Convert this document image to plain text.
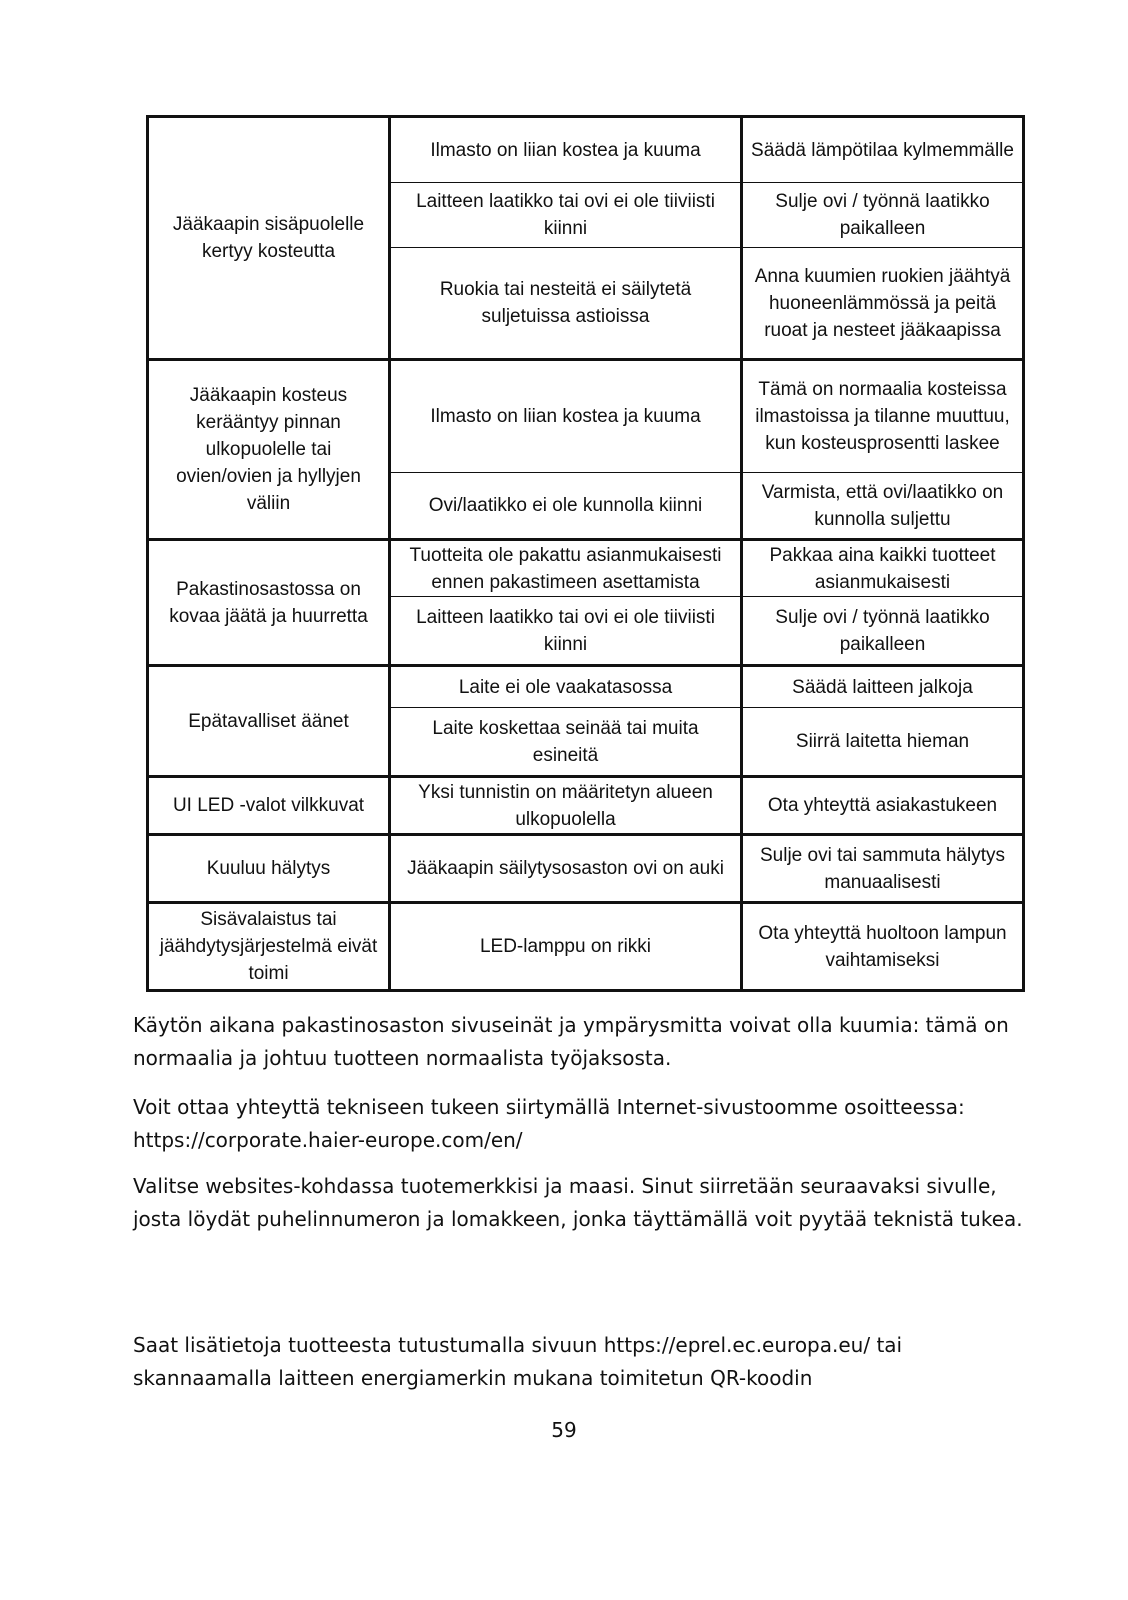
Jääkaapin sisäpuolelle kertyy kosteutta	Ilmasto on liian kostea ja kuuma	Säädä lämpötilaa kylmemmälle
	Laitteen laatikko tai ovi ei ole tiiviisti kiinni	Sulje ovi / työnnä laatikko paikalleen
	Ruokia tai nesteitä ei säilytetä suljetuissa astioissa	Anna kuumien ruokien jäähtyä huoneenlämmössä ja peitä ruoat ja nesteet jääkaapissa
Jääkaapin kosteus kerääntyy pinnan ulkopuolelle tai ovien/ovien ja hyllyjen väliin	Ilmasto on liian kostea ja kuuma	Tämä on normaalia kosteissa ilmastoissa ja tilanne muuttuu, kun kosteusprosentti laskee
	Ovi/laatikko ei ole kunnolla kiinni	Varmista, että ovi/laatikko on kunnolla suljettu
Pakastinosastossa on kovaa jäätä ja huurretta	Tuotteita ole pakattu asianmukaisesti ennen pakastimeen asettamista	Pakkaa aina kaikki tuotteet asianmukaisesti
	Laitteen laatikko tai ovi ei ole tiiviisti kiinni	Sulje ovi / työnnä laatikko paikalleen
Epätavalliset äänet	Laite ei ole vaakatasossa	Säädä laitteen jalkoja
	Laite koskettaa seinää tai muita esineitä	Siirrä laitetta hieman
UI LED -valot vilkkuvat	Yksi tunnistin on määritetyn alueen ulkopuolella	Ota yhteyttä asiakastukeen
Kuuluu hälytys	Jääkaapin säilytysosaston ovi on auki	Sulje ovi tai sammuta hälytys manuaalisesti
Sisävalaistus tai jäähdytysjärjestelmä eivät toimi	LED-lamppu on rikki	Ota yhteyttä huoltoon lampun vaihtamiseksi
Käytön aikana pakastinosaston sivuseinät ja ympärysmitta voivat olla kuumia: tämä on
normaalia ja johtuu tuotteen normaalista työjaksosta.
Voit ottaa yhteyttä tekniseen tukeen siirtymällä Internet-sivustoomme osoitteessa:
https://corporate.haier-europe.com/en/
Valitse websites-kohdassa tuotemerkkisi ja maasi. Sinut siirretään seuraavaksi sivulle,
josta löydät puhelinnumeron ja lomakkeen, jonka täyttämällä voit pyytää teknistä tukea.
Saat lisätietoja tuotteesta tutustumalla sivuun https://eprel.ec.europa.eu/ tai
skannaamalla laitteen energiamerkin mukana toimitetun QR-koodin
59
